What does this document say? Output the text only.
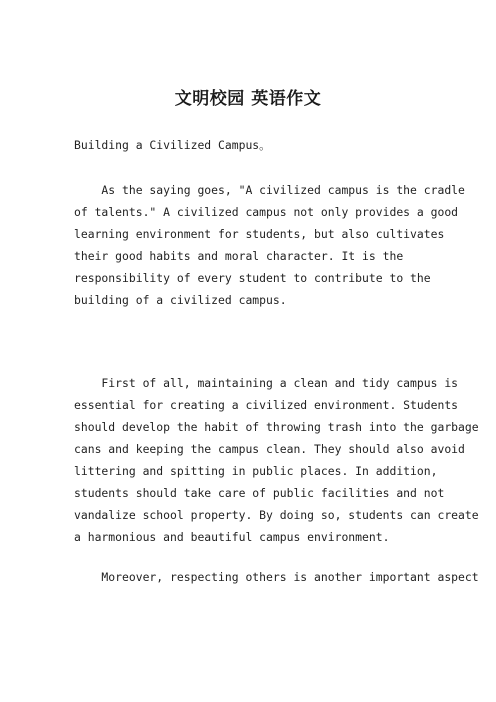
文明校园 英语作文

Building a Civilized Campus。

As the saying goes, "A civilized campus is the cradle
of talents." A civilized campus not only provides a good
learning environment for students, but also cultivates
their good habits and moral character. It is the
responsibility of every student to contribute to the
building of a civilized campus.

First of all, maintaining a clean and tidy campus is
essential for creating a civilized environment. Students
should develop the habit of throwing trash into the garbage
cans and keeping the campus clean. They should also avoid
littering and spitting in public places. In addition,
students should take care of public facilities and not
vandalize school property. By doing so, students can create
a harmonious and beautiful campus environment.

Moreover, respecting others is another important aspect
